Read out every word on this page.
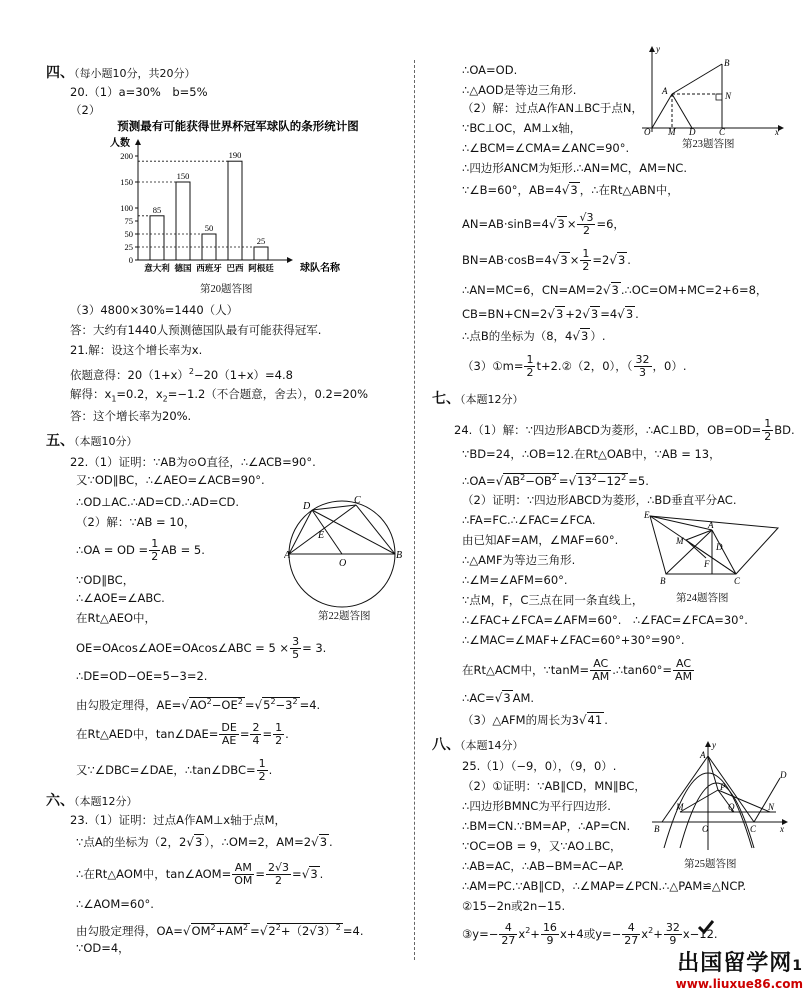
四、（每小题10分，共20分）
20.（1）a=30%　b=5%
（2）
预测最有可能获得世界杯冠军球队的条形统计图
人数
0
25
50
75
100
150
200
85
意大利
150
德国
50
西班牙
190
巴西
25
阿根廷	球队名称
第20题答图
（3）4800×30%=1440（人）
答：大约有1440人预测德国队最有可能获得冠军.
21.解：设这个增长率为x.
依题意得：$20(1+x)^2-20(1+x)=4.8$
解得：$x_1=0.2$，$x_2=-1.2$（不合题意，舍去），0.2=20%
答：这个增长率为20%.
五、（本题10分）
22.（1）证明：∵AB为⊙O直径，∴∠ACB=90°.
又∵OD∥BC，∴∠AEO=∠ACB=90°.
∴OD⊥AC.∴AD=CD.∴AD=CD.
（2）解：∵AB = 10，
∴OA = OD = $\frac{1}{2}$ AB = 5.
∵OD∥BC，
∴∠AOE=∠ABC.
在Rt△AEO中，
OE=OAcos∠AOE=OAcos∠ABC = $5 \times \frac{3}{5} = 3$.
∴DE=OD−OE=5−3=2.
由勾股定理得，$AE=√AO^2-OE^2 =√5^2-3^2 =4$.
在Rt△AED中，tan∠DAE= $\frac{DE}{AE} = \frac{2}{4} = \frac{1}{2}$ .
又∵∠DBC=∠DAE，∴tan∠DBC= $\frac{1}{2}$ .
D
C
E
A
O
B
第22题答图
六、（本题12分）
23.（1）证明：过点A作AM⊥x轴于点M，
∵点A的坐标为（2，2√3 ），∴OM=2，AM=2√3 .
∴在Rt△AOM中，tan∠AOM= $\frac{AM}{OM} = \frac{2√3}{2} =√3$ .
∴∠AOM=60°.
由勾股定理得，$OA=√OM^2+AM^2 =√2^2+(2√3)^2 =4$.
∵OD=4，
∴OA=OD.
∴△AOD是等边三角形.
（2）解：过点A作AN⊥BC于点N，
∵BC⊥OC，AM⊥x轴，
∴∠BCM=∠CMA=∠ANC=90°.
∴四边形ANCM为矩形.∴AN=MC，AM=NC.
∵∠B=60°，AB=4√3 ，∴在Rt△ABN中，
$AN=AB\cdot\sin B=4√3 \times \frac{√3}{2} =6$，
$BN=AB\cdot\cos B=4√3 \times \frac{1}{2} =2√3$ .
∴AN=MC=6，CN=AM=2√3 .∴OC=OM+MC=2+6=8，
CB=BN+CN=2√3 +2√3 =4√3 .
∴点B的坐标为（8，4√3 ）.
（3）①m= $\frac{1}{2}$ t+2.②（2，0），（ $\frac{32}{3}$ ，0）.
y
B
A	N
O M D	C	x
第23题答图
七、（本题12分）
24.（1）解：∵四边形ABCD为菱形，∴AC⊥BD，$OB=OD= \frac{1}{2}$ BD.
∵BD=24，∴OB=12.在Rt△OAB中，∵AB = 13，
$\therefore OA=√AB^2-OB^2 =√13^2-12^2 =5$.
（2）证明：∵四边形ABCD为菱形，∴BD垂直平分AC.
∴FA=FC.∴∠FAC=∠FCA.
由已知AF=AM，∠MAF=60°.
∴△AMF为等边三角形.
∴∠M=∠AFM=60°.
∵点M，F，C三点在同一条直线上，
∴∠FAC+∠FCA=∠AFM=60°.　 ∴∠FAC=∠FCA=30°.
∴∠MAC=∠MAF+∠FAC=60°+30°=90°.
在Rt△ACM中，∵tanM= $\frac{AC}{AM}$ .∴tan60°= $\frac{AC}{AM}$
∴AC=√3 AM.
（3）△AFM的周长为3√41 .
E
A
M
D
F
B	C
第24题答图
八、（本题14分）
25.（1）（−9，0），（9，0）.
（2）①证明：∵AB∥CD，MN∥BC，
∴四边形BMNC为平行四边形.
∴BM=CN.∵BM=AP，∴AP=CN.
∵OC=OB = 9，又∵AO⊥BC，
∴AB=AC，∴AB−BM=AC−AP.
∴AM=PC.∵AB∥CD，∴∠MAP=∠PCN.∴△PAM≌△NCP.
②15−2n或2n−15.
③y=− $\frac{4}{27} x^2+ \frac{16}{9} x+4$或$y=- \frac{4}{27} x^2+ \frac{32}{9} x-12$.
y
A
D
P
B
M
O
Q
C
N
x
第25题答图
出国留学网1
www.liuxue86.com
